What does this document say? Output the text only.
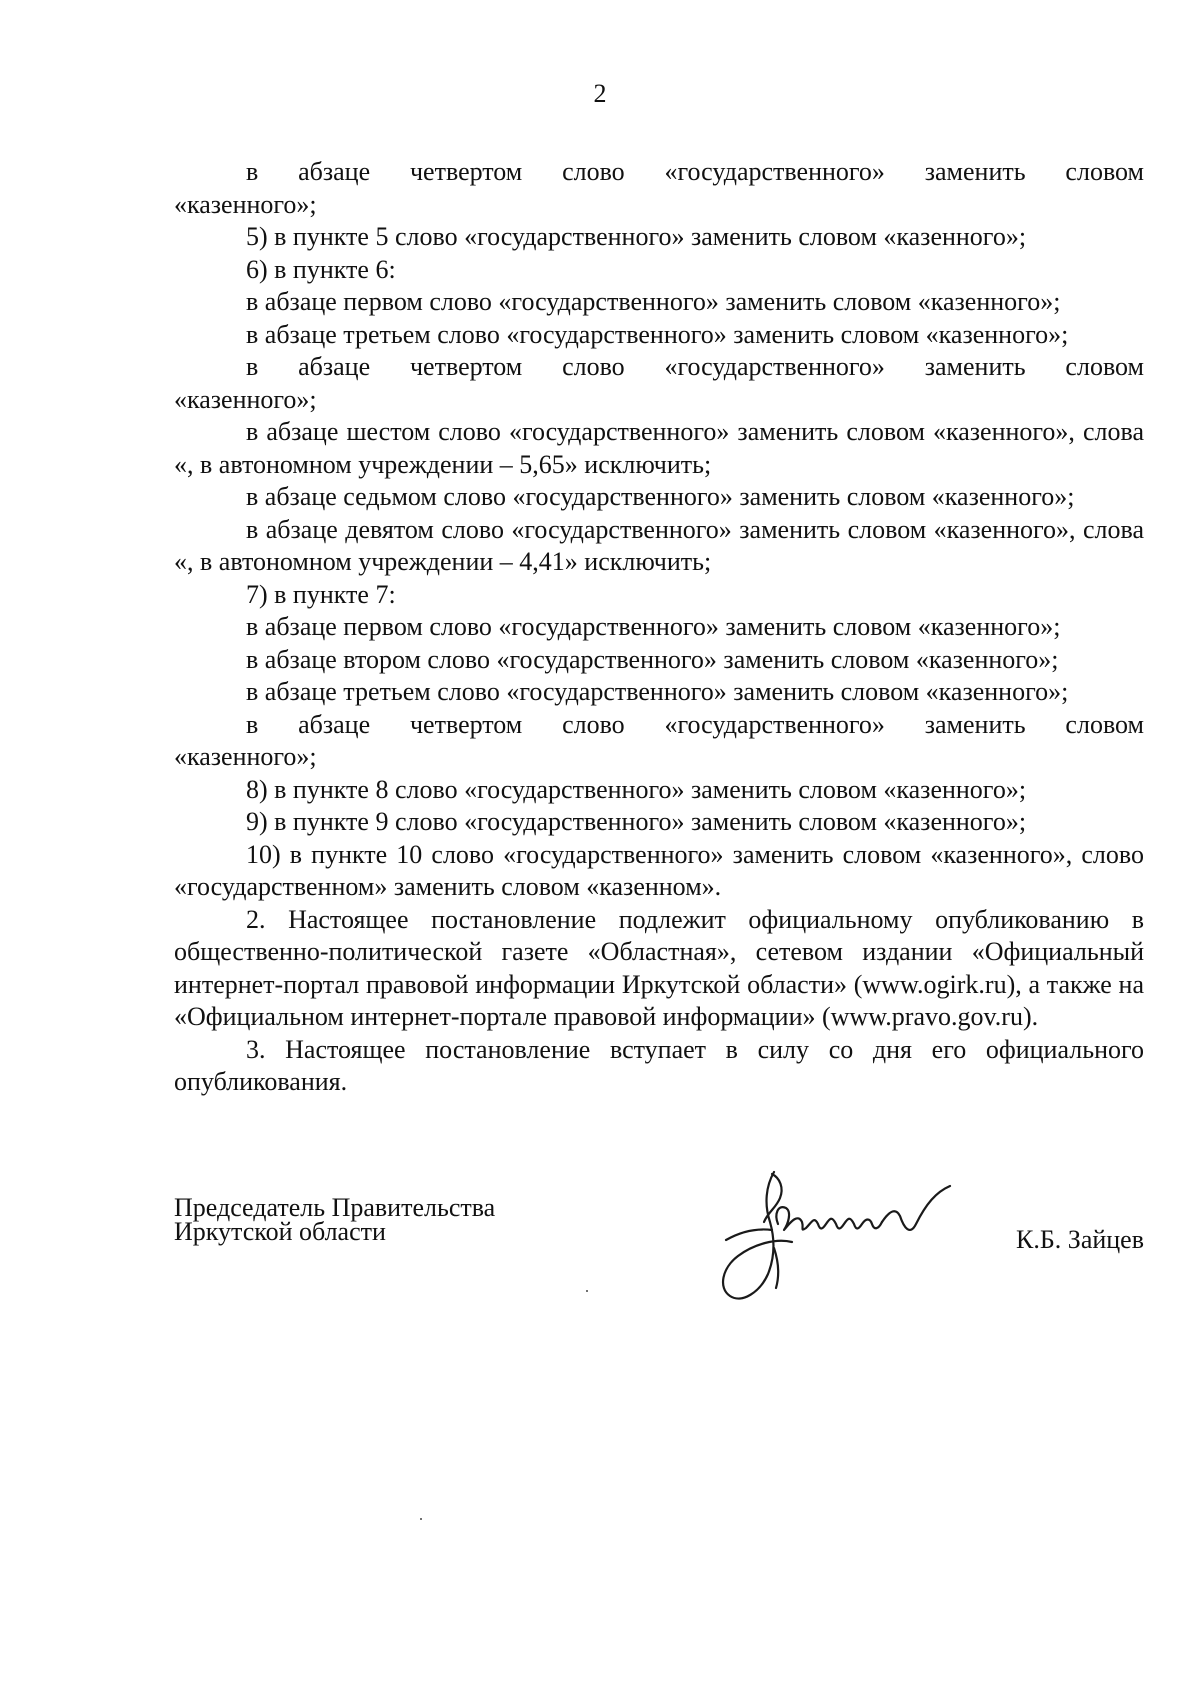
2

в абзаце четвертом слово «государственного» заменить словом

«казенного»;

5) в пункте 5 слово «государственного» заменить словом «казенного»;

6) в пункте 6:

в абзаце первом слово «государственного» заменить словом «казенного»;

в абзаце третьем слово «государственного» заменить словом «казенного»;

в абзаце четвертом слово «государственного» заменить словом

«казенного»;

в абзаце шестом слово «государственного» заменить словом «казенного», слова «, в автономном учреждении – 5,65» исключить;

в абзаце седьмом слово «государственного» заменить словом «казенного»;

в абзаце девятом слово «государственного» заменить словом «казенного», слова «, в автономном учреждении – 4,41» исключить;

7) в пункте 7:

в абзаце первом слово «государственного» заменить словом «казенного»;

в абзаце втором слово «государственного» заменить словом «казенного»;

в абзаце третьем слово «государственного» заменить словом «казенного»;

в абзаце четвертом слово «государственного» заменить словом

«казенного»;

8) в пункте 8 слово «государственного» заменить словом «казенного»;

9) в пункте 9 слово «государственного» заменить словом «казенного»;

10) в пункте 10 слово «государственного» заменить словом «казенного», слово «государственном» заменить словом «казенном».

2. Настоящее постановление подлежит официальному опубликованию в общественно-политической газете «Областная», сетевом издании «Официальный интернет-портал правовой информации Иркутской области» (www.ogirk.ru), а также на «Официальном интернет-портале правовой информации» (www.pravo.gov.ru).

3. Настоящее постановление вступает в силу со дня его официального опубликования.

Председатель Правительства
Иркутской области	К.Б. Зайцев
